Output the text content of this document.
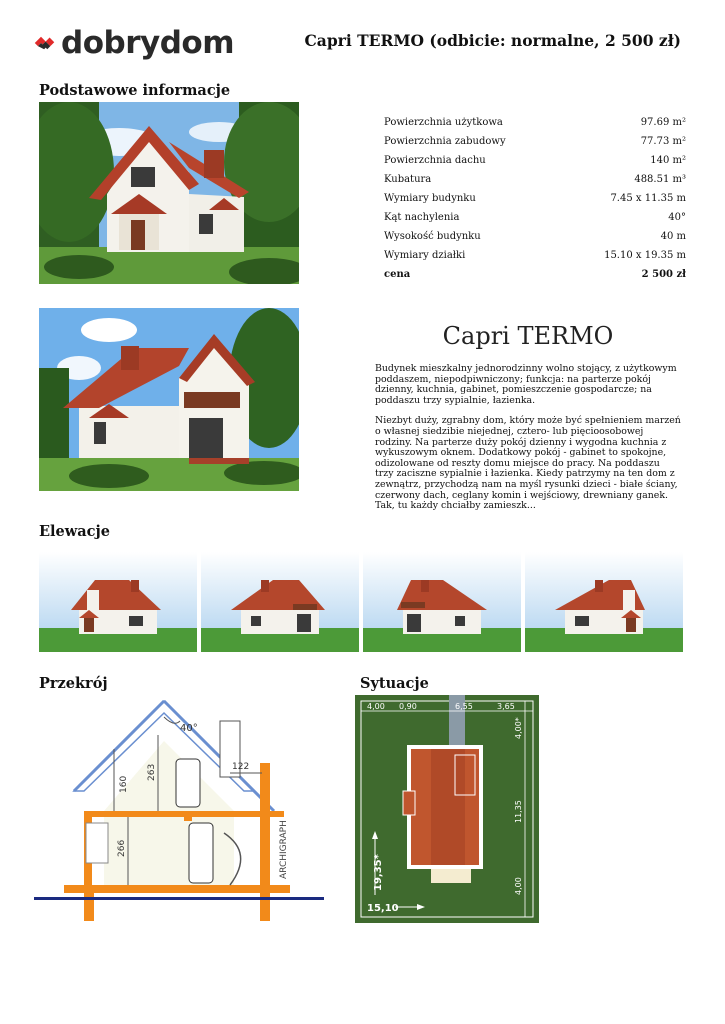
dobrydom	Capri TERMO (odbicie: normalne, 2 500 zł)
Podstawowe informacje
Powierzchnia użytkowa	97.69 m²
Powierzchnia zabudowy	77.73 m²
Powierzchnia dachu	140 m²
Kubatura	488.51 m³
Wymiary budynku	7.45 x 11.35 m
Kąt nachylenia	40°
Wysokość budynku	40 m
Wymiary działki	15.10 x 19.35 m
cena	2 500 zł
Capri TERMO

Budynek mieszkalny jednorodzinny wolno stojący, z użytkowym poddaszem, niepodpiwniczony; funkcja: na parterze pokój dzienny, kuchnia, gabinet, pomieszczenie gospodarcze; na poddaszu trzy sypialnie, łazienka.

Niezbyt duży, zgrabny dom, który może być spełnieniem marzeń o własnej siedzibie niejednej, cztero- lub pięcioosobowej rodziny. Na parterze duży pokój dzienny i wygodna kuchnia z wykuszowym oknem. Dodatkowy pokój - gabinet to spokojne, odizolowane od reszty domu miejsce do pracy. Na poddaszu trzy zaciszne sypialnie i łazienka. Kiedy patrzymy na ten dom z zewnątrz, przychodzą nam na myśl rysunki dzieci - białe ściany, czerwony dach, ceglany komin i wejściowy, drewniany ganek. Tak, tu każdy chciałby zamieszk...

Elewacje
Przekrój	Sytuacje
40°
122
263
160
266	ARCHIGRAPH
4,00 0,90	6,55	3,65
4,00*
11,35
4,00
19,35*
15,10
